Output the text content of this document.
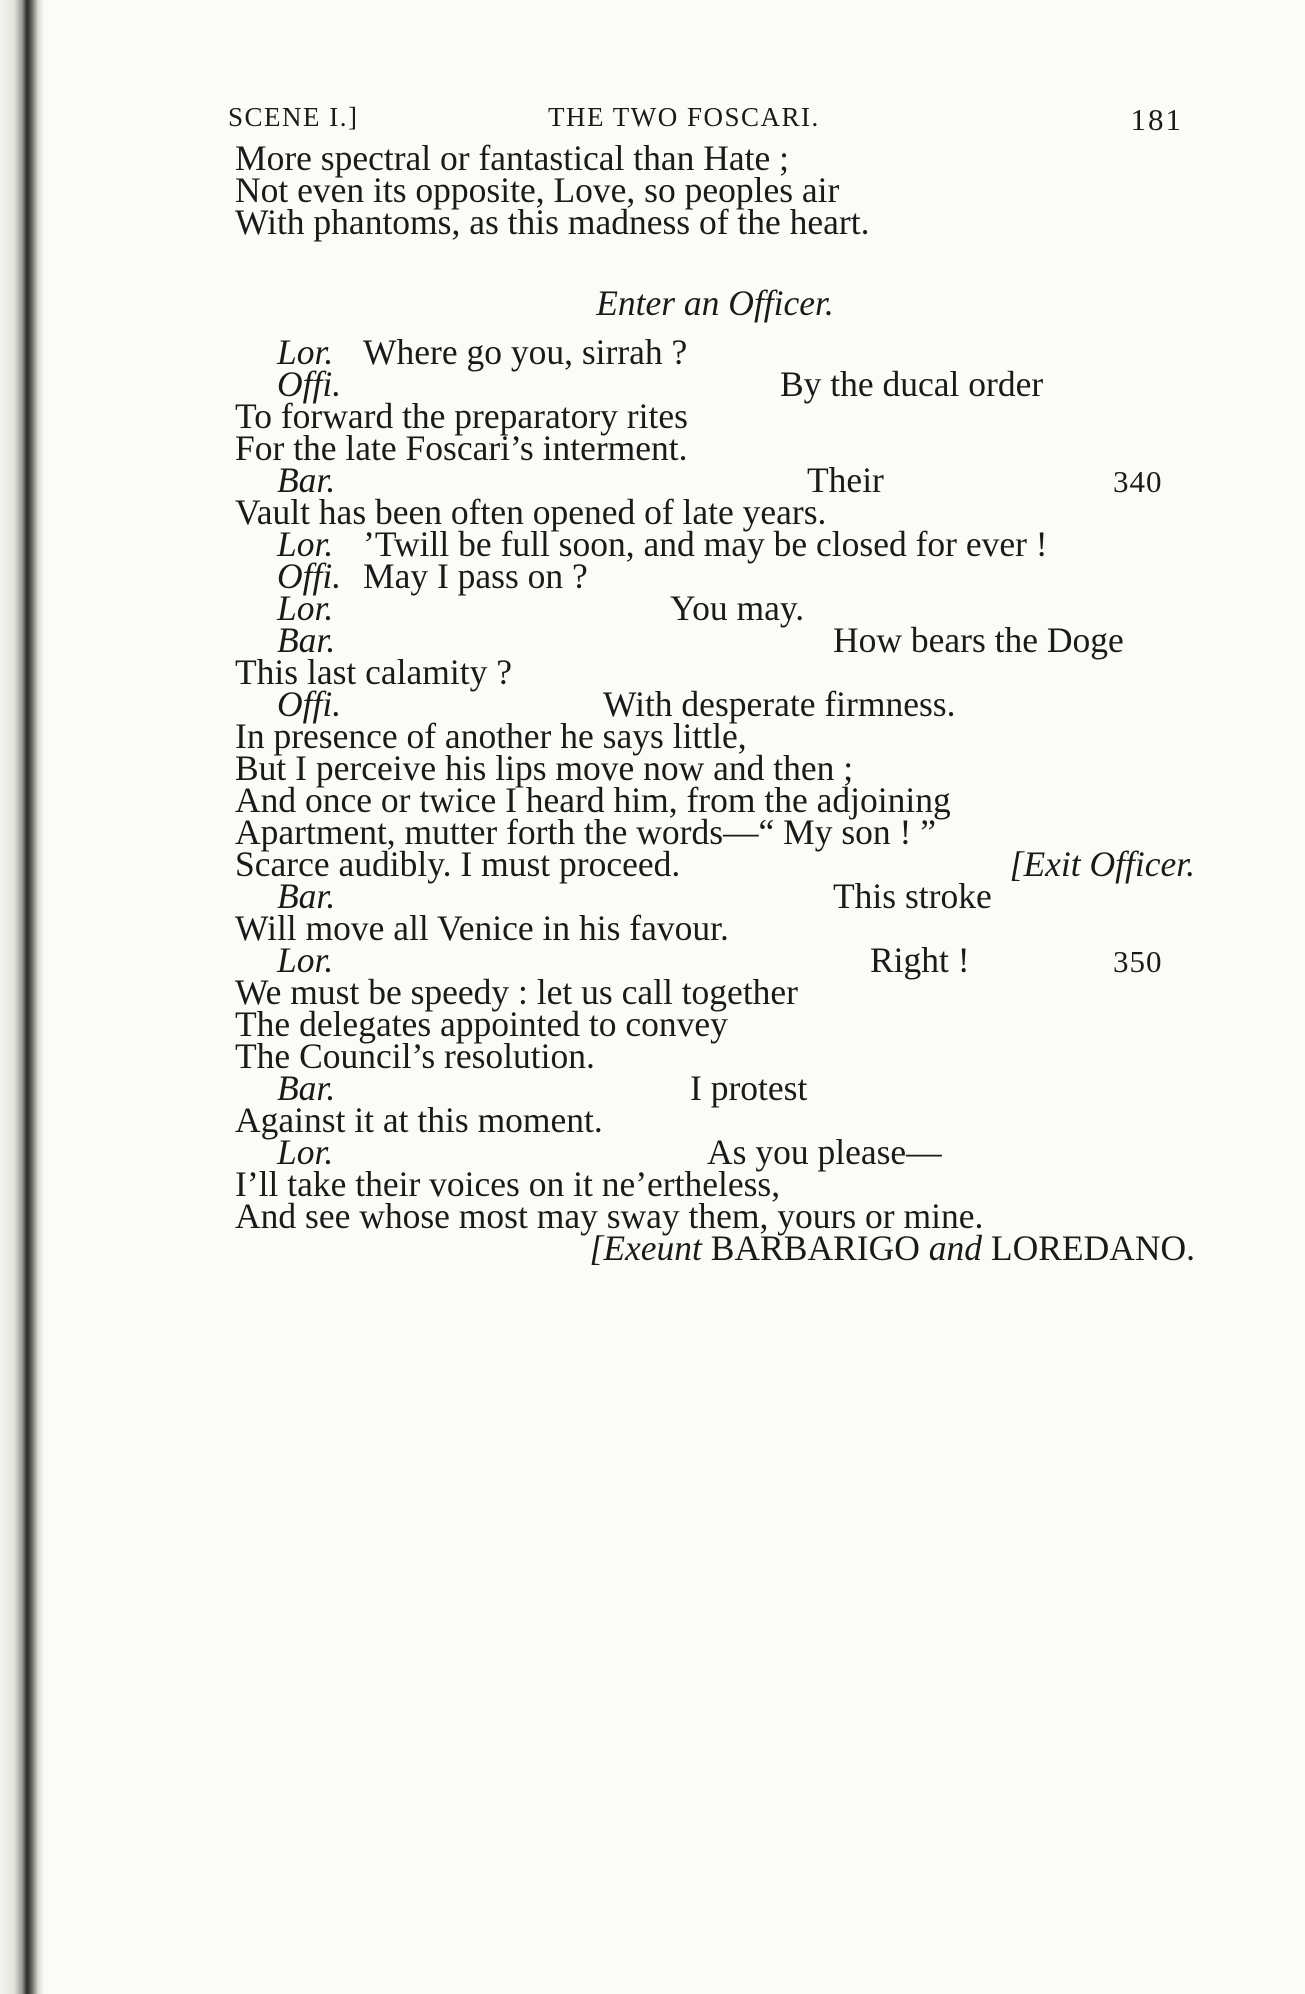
SCENE I.]	THE TWO FOSCARI.	181
More spectral or fantastical than Hate ;
Not even its opposite, Love, so peoples air
With phantoms, as this madness of the heart.
Enter an Officer.
Lor. Where go you, sirrah ?
Offi.	By the ducal order
To forward the preparatory rites
For the late Foscari’s interment.
Bar.	Their	340
Vault has been often opened of late years.
Lor. ’Twill be full soon, and may be closed for ever !
Offi. May I pass on ?
Lor.	You may.
Bar.	How bears the Doge
This last calamity ?
Offi.	With desperate firmness.
In presence of another he says little,
But I perceive his lips move now and then ;
And once or twice I heard him, from the adjoining
Apartment, mutter forth the words—“ My son ! ”
Scarce audibly. I must proceed.	[Exit Officer.
Bar.	This stroke
Will move all Venice in his favour.
Lor.	Right !	350
We must be speedy : let us call together
The delegates appointed to convey
The Council’s resolution.
Bar.	I protest
Against it at this moment.
Lor.	As you please—
I’ll take their voices on it ne’ertheless,
And see whose most may sway them, yours or mine.
[Exeunt BARBARIGO and LOREDANO.
